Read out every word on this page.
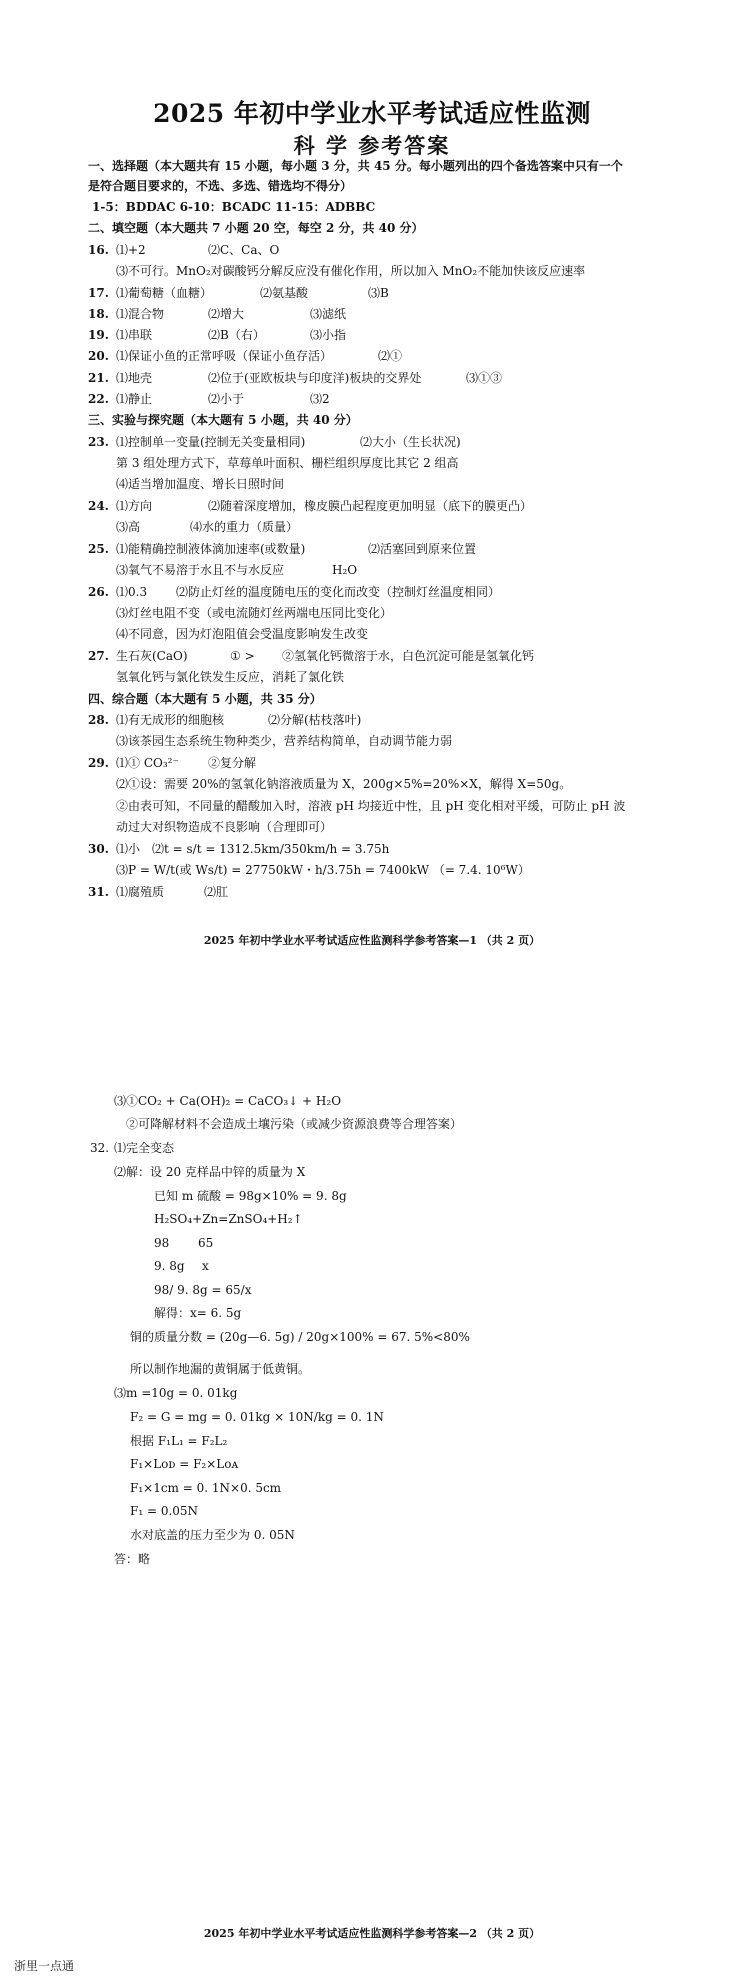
2025 年初中学业水平考试适应性监测
科 学 参考答案
一、选择题（本大题共有 15 小题，每小题 3 分，共 45 分。每小题列出的四个备选答案中只有一个
是符合题目要求的，不选、多选、错选均不得分）
1-5：BDDAC 6-10：BCADC 11-15：ADBBC
二、填空题（本大题共 7 小题 20 空，每空 2 分，共 40 分）
16. ⑴+2	⑵C、Ca、O
⑶不可行。MnO₂对碳酸钙分解反应没有催化作用，所以加入 MnO₂不能加快该反应速率
17. ⑴葡萄糖（血糖）	⑵氨基酸	⑶B
18. ⑴混合物	⑵增大	⑶滤纸
19. ⑴串联	⑵B（右）	⑶小指
20. ⑴保证小鱼的正常呼吸（保证小鱼存活）	⑵①
21. ⑴地壳	⑵位于(亚欧板块与印度洋)板块的交界处	⑶①③
22. ⑴静止	⑵小于	⑶2
三、实验与探究题（本大题有 5 小题，共 40 分）
23. ⑴控制单一变量(控制无关变量相同)	⑵大小（生长状况)
第 3 组处理方式下，草莓单叶面积、栅栏组织厚度比其它 2 组高
⑷适当增加温度、增长日照时间
24. ⑴方向	⑵随着深度增加，橡皮膜凸起程度更加明显（底下的膜更凸）
⑶高	⑷水的重力（质量）
25. ⑴能精确控制液体滴加速率(或数量)	⑵活塞回到原来位置
⑶氧气不易溶于水且不与水反应	H₂O
26. ⑴0.3 ⑵防止灯丝的温度随电压的变化而改变（控制灯丝温度相同）
⑶灯丝电阻不变（或电流随灯丝两端电压同比变化）
⑷不同意，因为灯泡阻值会受温度影响发生改变
27. 生石灰(CaO)	① > ②氢氧化钙微溶于水，白色沉淀可能是氢氧化钙
氢氧化钙与氯化铁发生反应，消耗了氯化铁
四、综合题（本大题有 5 小题，共 35 分）
28. ⑴有无成形的细胞核	⑵分解(枯枝落叶)
⑶该茶园生态系统生物种类少，营养结构简单，自动调节能力弱
29. ⑴① CO₃²⁻ ②复分解
⑵①设：需要 20%的氢氧化钠溶液质量为 X，200g×5%=20%×X，解得 X=50g。
②由表可知，不同量的醋酸加入时，溶液 pH 均接近中性，且 pH 变化相对平缓，可防止 pH 波
动过大对织物造成不良影响（合理即可）
30. ⑴小 ⑵t = s/t = 1312.5km/350km/h = 3.75h
⑶P = W/t(或 Ws/t) = 27750kW・h/3.75h = 7400kW （= 7.4. 10⁶W）
31. ⑴腐殖质	⑵肛
2025 年初中学业水平考试适应性监测科学参考答案—1 （共 2 页）
⑶①CO₂ + Ca(OH)₂ = CaCO₃↓ + H₂O
②可降解材料不会造成土壤污染（或减少资源浪费等合理答案）
32. ⑴完全变态
⑵解：设 20 克样品中锌的质量为 X
已知 m 硫酸 = 98g×10% = 9. 8g
H₂SO₄+Zn=ZnSO₄+H₂↑
98 65
9. 8g x
98/ 9. 8g = 65/x
解得：x= 6. 5g
铜的质量分数 = (20g—6. 5g) / 20g×100% = 67. 5%<80%
所以制作地漏的黄铜属于低黄铜。
⑶m =10g = 0. 01kg
F₂ = G = mg = 0. 01kg × 10N/kg = 0. 1N
根据 F₁L₁ = F₂L₂
F₁×Lᴏᴅ = F₂×Lᴏᴀ
F₁×1cm = 0. 1N×0. 5cm
F₁ = 0.05N
水对底盖的压力至少为 0. 05N
答：略
2025 年初中学业水平考试适应性监测科学参考答案—2 （共 2 页）
浙里一点通
